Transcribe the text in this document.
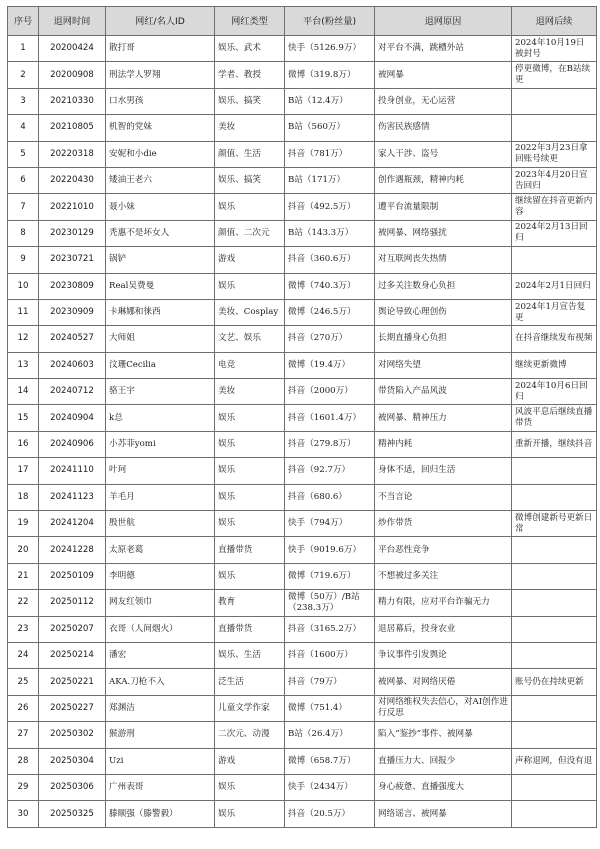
序号	退网时间	网红/名人ID	网红类型	平台(粉丝量)	退网原因	退网后续
1	20200424	散打哥	娱乐、武术	快手（5126.9万）	对平台不满，跳槽外站	2024年10月19日被封号
2	20200908	刑法学人罗翔	学者、教授	微博（319.8万）	被网暴	停更微博，在B站续更
3	20210330	口水男孩	娱乐、搞笑	B站（12.4万）	投身创业，无心运营	
4	20210805	机智的党妹	美妆	B站（560万）	伤害民族感情	
5	20220318	安妮和小die	颜值、生活	抖音（781万）	家人干涉、盗号	2022年3月23日拿回账号续更
6	20220430	矮油王老六	娱乐、搞笑	B站（171万）	创作遇瓶颈，精神内耗	2023年4月20日宣告回归
7	20221010	聂小妹	娱乐	抖音（492.5万）	遭平台流量限制	继续留在抖音更新内容
8	20230129	秃惠不是坏女人	颜值、二次元	B站（143.3万）	被网暴、网络骚扰	2024年2月13日回归
9	20230721	锅铲	游戏	抖音（360.6万）	对互联网丧失热情	
10	20230809	Real吴费曼	娱乐	微博（740.3万）	过多关注数身心负担	2024年2月1日回归
11	20230909	卡琳娜和徕西	美妆、Cosplay	微博（246.5万）	舆论导致心理创伤	2024年1月宣告复更
12	20240527	大师姐	文艺、娱乐	抖音（270万）	长期直播身心负担	在抖音继续发布视频
13	20240603	汶珊Cecilia	电竞	微博（19.4万）	对网络失望	继续更新微博
14	20240712	骆王宇	美妆	抖音（2000万）	带货陷入产品风波	2024年10月6日回归
15	20240904	k总	娱乐	抖音（1601.4万）	被网暴、精神压力	风波平息后继续直播带货
16	20240906	小苏菲yomi	娱乐	抖音（279.8万）	精神内耗	重新开播，继续抖音
17	20241110	叶珂	娱乐	抖音（92.7万）	身体不适，回归生活	
18	20241123	羊毛月	娱乐	抖音（680.6）	不当言论	
19	20241204	殷世航	娱乐	快手（794万）	炒作带货	微博创建新号更新日常
20	20241228	太原老葛	直播带货	快手（9019.6万）	平台恶性竞争	
21	20250109	李明德	娱乐	微博（719.6万）	不想被过多关注	
22	20250112	网友红领巾	教育	微博（50万）/B站（238.3万）	精力有限，应对平台诈骗无力	
23	20250207	衣哥（人间烟火）	直播带货	抖音（3165.2万）	退居幕后，投身农业	
24	20250214	潘宏	娱乐、生活	抖音（1600万）	争议事件引发舆论	
25	20250221	AKA.刀枪不入	泛生活	抖音（79万）	被网暴、对网络厌倦	账号仍在持续更新
26	20250227	郑渊洁	儿童文学作家	微博（751.4）	对网络维权失去信心，对AI创作进行反思	
27	20250302	猴游刑	二次元、动漫	B站（26.4万）	陷入“鉴抄”事件、被网暴	
28	20250304	Uzi	游戏	微博（658.7万）	直播压力大、回报少	声称退网，但没有退
29	20250306	广州表哥	娱乐	快手（2434万）	身心疲惫、直播强度大	
30	20250325	滕顺强（滕警毅）	娱乐	抖音（20.5万）	网络谣言、被网暴	
